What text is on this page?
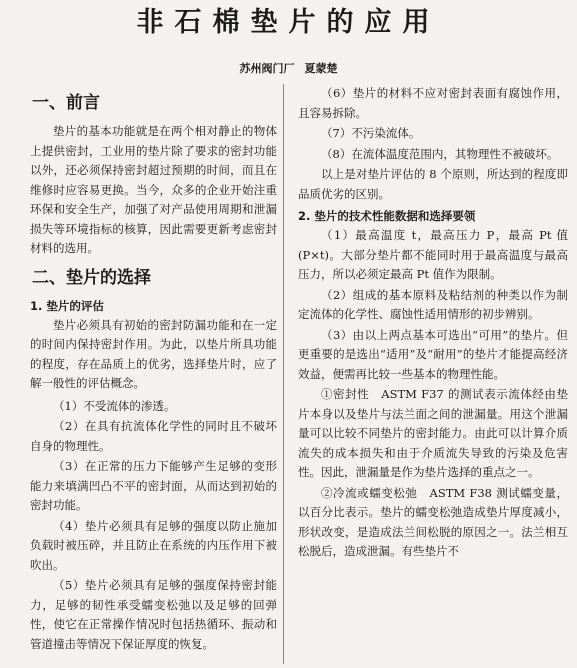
非石棉垫片的应用
苏州阀门厂 夏蒙楚
一、前言

垫片的基本功能就是在两个相对静止的物体上提供密封，工业用的垫片除了要求的密封功能以外，还必须保持密封超过预期的时间，而且在维修时应容易更换。当今，众多的企业开始注重环保和安全生产，加强了对产品使用周期和泄漏损失等环境指标的核算，因此需要更新考虑密封材料的选用。

二、垫片的选择
1. 垫片的评估

垫片必须具有初始的密封防漏功能和在一定的时间内保持密封作用。为此，以垫片所具功能的程度，存在品质上的优劣，选择垫片时，应了解一般性的评估概念。

（1）不受流体的渗透。

（2）在具有抗流体化学性的同时且不破坏自身的物理性。

（3）在正常的压力下能够产生足够的变形能力来填满凹凸不平的密封面，从而达到初始的密封功能。

（4）垫片必须具有足够的强度以防止施加负载时被压碎，并且防止在系统的内压作用下被吹出。

（5）垫片必须具有足够的强度保持密封能力，足够的韧性承受蠕变松弛以及足够的回弹性，使它在正常操作情况时包括热循环、振动和管道撞击等情况下保证厚度的恢复。

（6）垫片的材料不应对密封表面有腐蚀作用，且容易拆除。

（7）不污染流体。

（8）在流体温度范围内，其物理性不被破坏。

以上是对垫片评估的 8 个原则，所达到的程度即品质优劣的区别。

2. 垫片的技术性能数据和选择要领

（1）最高温度 t，最高压力 P，最高 Pt 值(P×t)。大部分垫片都不能同时用于最高温度与最高压力，所以必须定最高 Pt 值作为限制。

（2）组成的基本原料及粘结剂的种类以作为制定流体的化学性、腐蚀性适用情形的初步辨别。

（3）由以上两点基本可选出“可用”的垫片。但更重要的是选出“适用”及“耐用”的垫片才能提高经济效益，便需再比较一些基本的物理性能。

①密封性　ASTM F37 的测试表示流体经由垫片本身以及垫片与法兰面之间的泄漏量。用这个泄漏量可以比较不同垫片的密封能力。由此可以计算介质流失的成本损失和由于介质流失导致的污染及危害性。因此，泄漏量是作为垫片选择的重点之一。

②冷流或蠕变松弛　ASTM F38 测试蠕变量，以百分比表示。垫片的蠕变松弛造成垫片厚度减小，形状改变，是造成法兰间松脱的原因之一。法兰相互松脱后，造成泄漏。有些垫片不
